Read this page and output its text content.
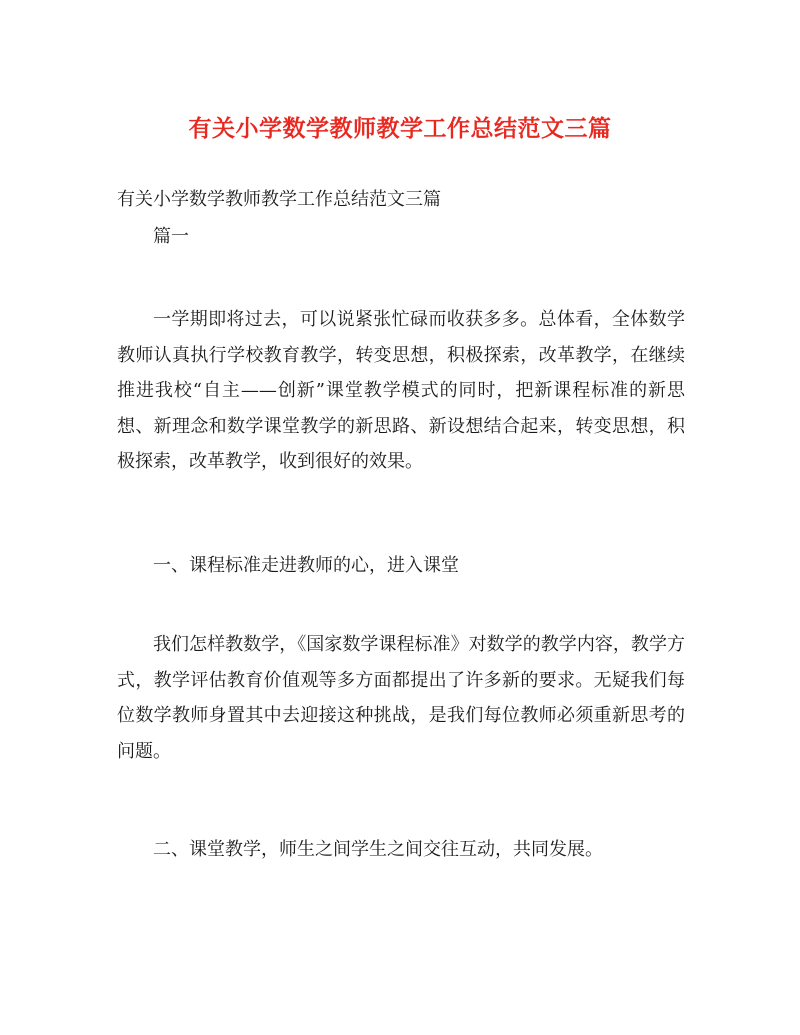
有关小学数学教师教学工作总结范文三篇
有关小学数学教师教学工作总结范文三篇
篇一
一学期即将过去，可以说紧张忙碌而收获多多。总体看，全体数学教师认真执行学校教育教学，转变思想，积极探索，改革教学，在继续推进我校“自主——创新”课堂教学模式的同时，把新课程标准的新思想、新理念和数学课堂教学的新思路、新设想结合起来，转变思想，积极探索，改革教学，收到很好的效果。
一、课程标准走进教师的心，进入课堂
我们怎样教数学，《国家数学课程标准》对数学的教学内容，教学方式，教学评估教育价值观等多方面都提出了许多新的要求。无疑我们每位数学教师身置其中去迎接这种挑战，是我们每位教师必须重新思考的问题。
二、课堂教学，师生之间学生之间交往互动，共同发展。
